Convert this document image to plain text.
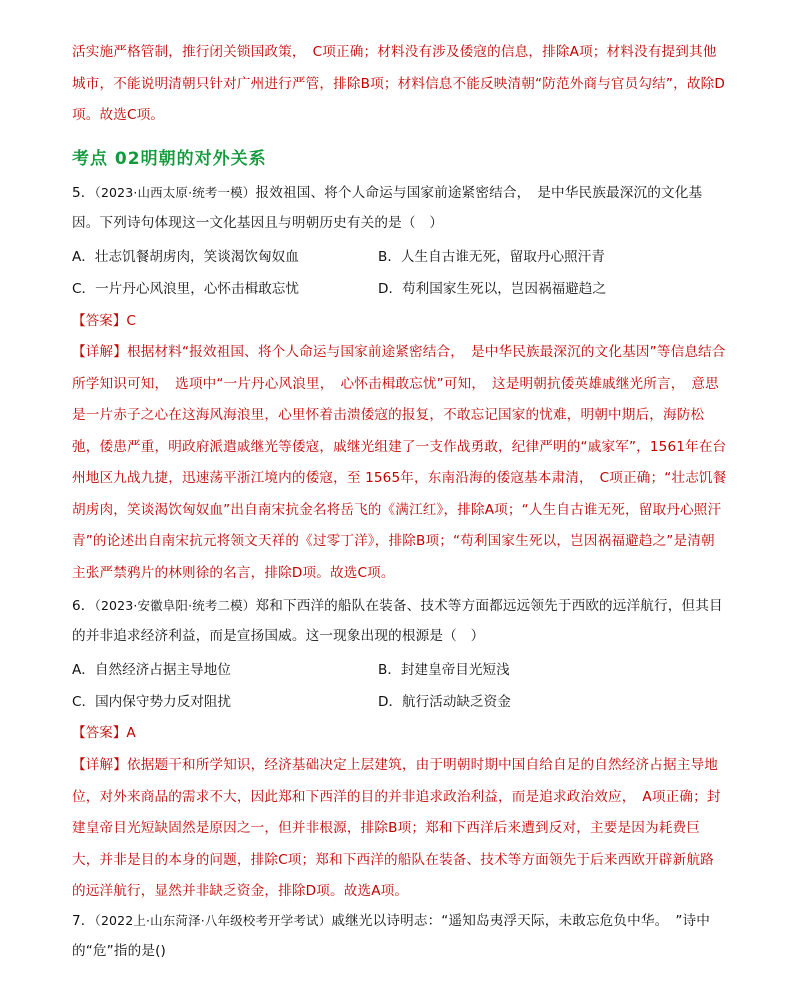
活实施严格管制，推行闭关锁国政策，　C项正确；材料没有涉及倭寇的信息，排除A项；材料没有提到其他城市，不能说明清朝只针对广州进行严管，排除B项；材料信息不能反映清朝“防范外商与官员勾结”，故除D项。故选C项。

考点 02明朝的对外关系

5．（2023·山西太原·统考一模）报效祖国、将个人命运与国家前途紧密结合，　是中华民族最深沉的文化基因。下列诗句体现这一文化基因且与明朝历史有关的是（　）

A．壮志饥餐胡虏肉，笑谈渴饮匈奴血	B．人生自古谁无死，留取丹心照汗青
C．一片丹心风浪里，心怀击楫敢忘忧	D．苟利国家生死以，岂因祸福避趋之
【答案】C

【详解】根据材料“报效祖国、将个人命运与国家前途紧密结合，　是中华民族最深沉的文化基因”等信息结合所学知识可知，　选项中“一片丹心风浪里，　心怀击楫敢忘忧”可知，　这是明朝抗倭英雄戚继光所言，　意思是一片赤子之心在这海风海浪里，心里怀着击溃倭寇的报复，不敢忘记国家的忧难，明朝中期后，海防松弛，倭患严重，明政府派遣戚继光等倭寇，戚继光组建了一支作战勇敢，纪律严明的“戚家军”，1561年在台州地区九战九捷，迅速荡平浙江境内的倭寇，至 1565年，东南沿海的倭寇基本肃清，　C项正确；“壮志饥餐胡虏肉，笑谈渴饮匈奴血”出自南宋抗金名将岳飞的《满江红》，排除A项；“人生自古谁无死，留取丹心照汗青”的论述出自南宋抗元将领文天祥的《过零丁洋》，排除B项；“苟利国家生死以，岂因祸福避趋之”是清朝主张严禁鸦片的林则徐的名言，排除D项。故选C项。

6．（2023·安徽阜阳·统考二模）郑和下西洋的船队在装备、技术等方面都远远领先于西欧的远洋航行，但其目的并非追求经济利益，而是宣扬国威。这一现象出现的根源是（　）

A．自然经济占据主导地位	B．封建皇帝目光短浅
C．国内保守势力反对阻扰	D．航行活动缺乏资金
【答案】A

【详解】依据题干和所学知识，经济基础决定上层建筑，由于明朝时期中国自给自足的自然经济占据主导地位，对外来商品的需求不大，因此郑和下西洋的目的并非追求政治利益，而是追求政治效应，　A项正确；封建皇帝目光短缺固然是原因之一，但并非根源，排除B项；郑和下西洋后来遭到反对，主要是因为耗费巨大，并非是目的本身的问题，排除C项；郑和下西洋的船队在装备、技术等方面领先于后来西欧开辟新航路的远洋航行，显然并非缺乏资金，排除D项。故选A项。

7．（2022上·山东菏泽·八年级校考开学考试）戚继光以诗明志：“遥知岛夷浮天际，未敢忘危负中华。　”诗中的“危”指的是()
